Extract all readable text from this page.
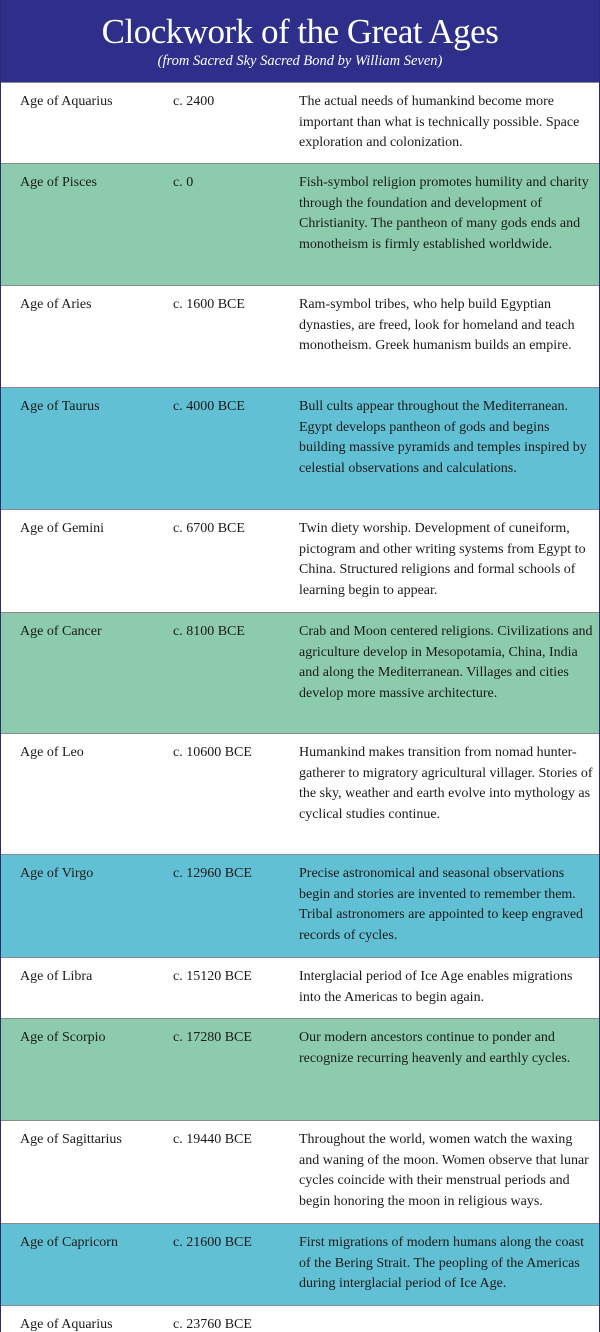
Clockwork of the Great Ages
(from Sacred Sky Sacred Bond by William Seven)
Age of Aquarius	c. 2400	The actual needs of humankind become more important than what is technically possible. Space exploration and colonization.
Age of Pisces	c. 0	Fish-symbol religion promotes humility and charity through the foundation and development of Christianity. The pantheon of many gods ends and monotheism is firmly established worldwide.
Age of Aries	c. 1600 BCE	Ram-symbol tribes, who help build Egyptian dynasties, are freed, look for homeland and teach monotheism. Greek humanism builds an empire.
Age of Taurus	c. 4000 BCE	Bull cults appear throughout the Mediterranean. Egypt develops pantheon of gods and begins building massive pyramids and temples inspired by celestial observations and calculations.
Age of Gemini	c. 6700 BCE	Twin diety worship. Development of cuneiform, pictogram and other writing systems from Egypt to China. Structured religions and formal schools of learning begin to appear.
Age of Cancer	c. 8100 BCE	Crab and Moon centered religions. Civilizations and agriculture develop in Mesopotamia, China, India and along the Mediterranean. Villages and cities develop more massive architecture.
Age of Leo	c. 10600 BCE	Humankind makes transition from nomad hunter-gatherer to migratory agricultural villager. Stories of the sky, weather and earth evolve into mythology as cyclical studies continue.
Age of Virgo	c. 12960 BCE	Precise astronomical and seasonal observations begin and stories are invented to remember them. Tribal astronomers are appointed to keep engraved records of cycles.
Age of Libra	c. 15120 BCE	Interglacial period of Ice Age enables migrations into the Americas to begin again.
Age of Scorpio	c. 17280 BCE	Our modern ancestors continue to ponder and recognize recurring heavenly and earthly cycles.
Age of Sagittarius	c. 19440 BCE	Throughout the world, women watch the waxing and waning of the moon. Women observe that lunar cycles coincide with their menstrual periods and begin honoring the moon in religious ways.
Age of Capricorn	c. 21600 BCE	First migrations of modern humans along the coast of the Bering Strait. The peopling of the Americas during interglacial period of Ice Age.
Age of Aquarius	c. 23760 BCE
